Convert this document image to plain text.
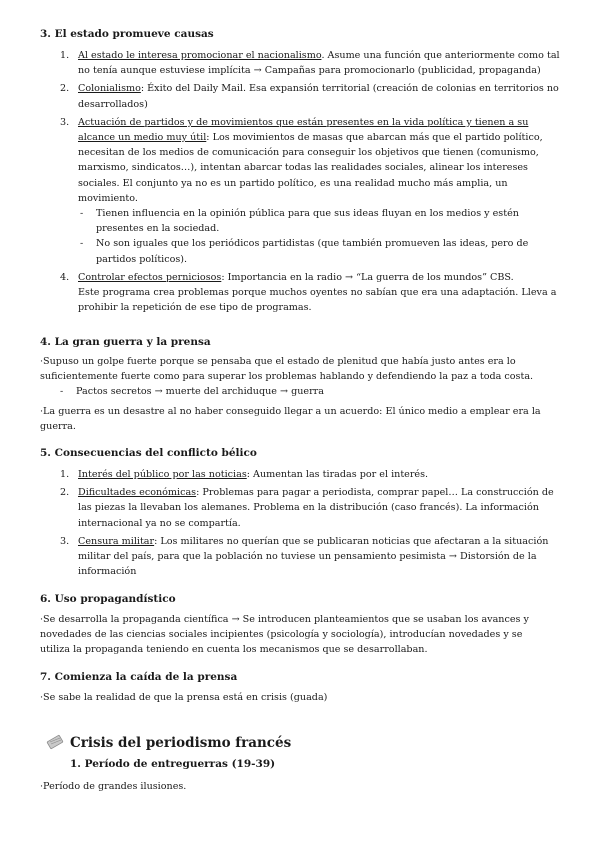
3. El estado promueve causas
1. Al estado le interesa promocionar el nacionalismo. Asume una función que anteriormente como tal no tenía aunque estuviese implícita → Campañas para promocionarlo (publicidad, propaganda)
2. Colonialismo: Éxito del Daily Mail. Esa expansión territorial (creación de colonias en territorios no desarrollados)
3. Actuación de partidos y de movimientos que están presentes en la vida política y tienen a su alcance un medio muy útil: Los movimientos de masas que abarcan más que el partido político, necesitan de los medios de comunicación para conseguir los objetivos que tienen (comunismo, marxismo, sindicatos…), intentan abarcar todas las realidades sociales, alinear los intereses sociales. El conjunto ya no es un partido político, es una realidad mucho más amplia, un movimiento.
- Tienen influencia en la opinión pública para que sus ideas fluyan en los medios y estén presentes en la sociedad.
- No son iguales que los periódicos partidistas (que también promueven las ideas, pero de partidos políticos).
4. Controlar efectos perniciosos: Importancia en la radio → “La guerra de los mundos” CBS.
Este programa crea problemas porque muchos oyentes no sabían que era una adaptación. Lleva a prohibir la repetición de ese tipo de programas.
4. La gran guerra y la prensa
·Supuso un golpe fuerte porque se pensaba que el estado de plenitud que había justo antes era lo suficientemente fuerte como para superar los problemas hablando y defendiendo la paz a toda costa.
- Pactos secretos → muerte del archiduque → guerra
·La guerra es un desastre al no haber conseguido llegar a un acuerdo: El único medio a emplear era la guerra.
5. Consecuencias del conflicto bélico
1. Interés del público por las noticias: Aumentan las tiradas por el interés.
2. Dificultades económicas: Problemas para pagar a periodista, comprar papel… La construcción de las piezas la llevaban los alemanes. Problema en la distribución (caso francés). La información internacional ya no se compartía.
3. Censura militar: Los militares no querían que se publicaran noticias que afectaran a la situación militar del país, para que la población no tuviese un pensamiento pesimista → Distorsión de la información
6. Uso propagandístico
·Se desarrolla la propaganda científica → Se introducen planteamientos que se usaban los avances y novedades de las ciencias sociales incipientes (psicología y sociología), introducían novedades y se utiliza la propaganda teniendo en cuenta los mecanismos que se desarrollaban.
7. Comienza la caída de la prensa
·Se sabe la realidad de que la prensa está en crisis (guada)
Crisis del periodismo francés
1. Período de entreguerras (19-39)
·Período de grandes ilusiones.
